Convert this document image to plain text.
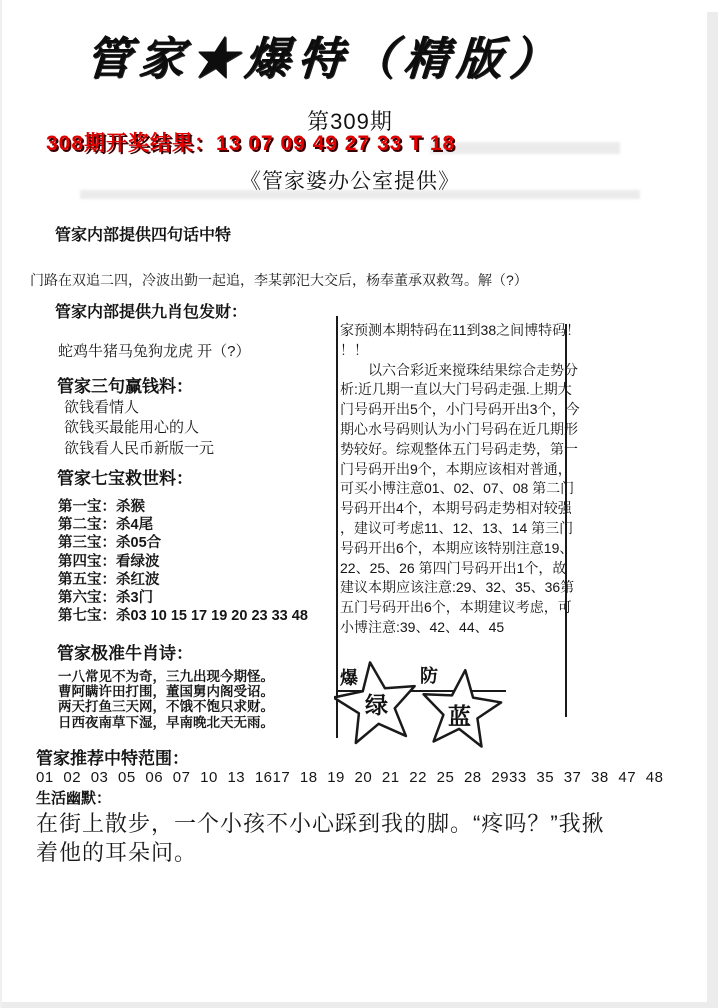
管家★爆特（精版）
第309期
308期开奖结果：13 07 09 49 27 33 T 18
《管家婆办公室提供》
管家内部提供四句话中特
门路在双追二四，冷波出勤一起追，李某郭汜大交后，杨奉董承双救驾。解（?）
管家内部提供九肖包发财：
蛇鸡牛猪马兔狗龙虎 开（?）
管家三句赢钱料：
欲钱看情人
欲钱买最能用心的人
欲钱看人民币新版一元
管家七宝救世料：
第一宝：杀猴
第二宝：杀4尾
第三宝：杀05合
第四宝：看绿波
第五宝：杀红波
第六宝：杀3门
第七宝：杀03 10 15 17 19 20 23 33 48
管家极准牛肖诗：
一八常见不为奇，三九出现今期怪。
曹阿瞒许田打围，董国舅内阁受诏。
两天打鱼三天网，不饿不饱只求财。
日西夜南草下湿，早南晚北天无雨。
管家推荐中特范围：
01 02 03 05 06 07 10 13 1617 18 19 20 21 22 25 28 2933 35 37 38 47 48
生活幽默：
在街上散步，一个小孩不小心踩到我的脚。“疼吗？”我揪
着他的耳朵问。
家预测本期特码在11到38之间博特码！
！！
　　以六合彩近来搅珠结果综合走势分
析:近几期一直以大门号码走强.上期大
门号码开出5个，小门号码开出3个，今
期心水号码则认为小门号码在近几期形
势较好。综观整体五门号码走势，第一
门号码开出9个，本期应该相对普通，
可买小博注意01、02、07、08 第二门
号码开出4个，本期号码走势相对较强
，建议可考虑11、12、13、14 第三门
号码开出6个，本期应该特别注意19、
22、25、26 第四门号码开出1个，故
建议本期应该注意:29、32、35、36第
五门号码开出6个，本期建议考虑，可
小博注意:39、42、44、45
爆	防
绿	蓝
